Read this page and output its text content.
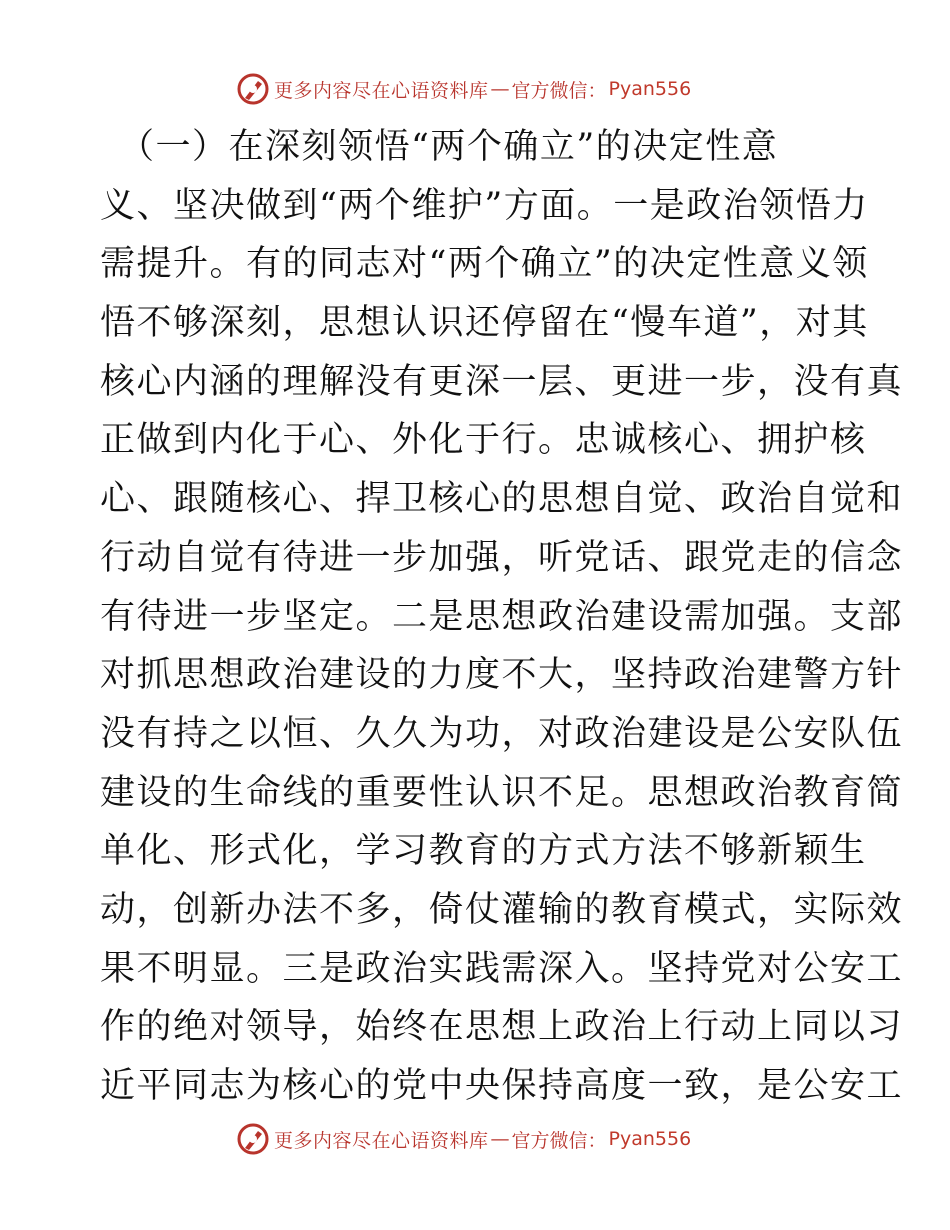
更多内容尽在心语资料库 — 官方微信： Pyan556
　（一）在深刻领悟“两个确立”的决定性意
义、坚决做到“两个维护”方面。一是政治领悟力
需提升。有的同志对“两个确立”的决定性意义领
悟不够深刻，思想认识还停留在“慢车道”，对其
核心内涵的理解没有更深一层、更进一步，没有真
正做到内化于心、外化于行。忠诚核心、拥护核
心、跟随核心、捍卫核心的思想自觉、政治自觉和
行动自觉有待进一步加强，听党话、跟党走的信念
有待进一步坚定。二是思想政治建设需加强。支部
对抓思想政治建设的力度不大，坚持政治建警方针
没有持之以恒、久久为功，对政治建设是公安队伍
建设的生命线的重要性认识不足。思想政治教育简
单化、形式化，学习教育的方式方法不够新颖生
动，创新办法不多，倚仗灌输的教育模式，实际效
果不明显。三是政治实践需深入。坚持党对公安工
作的绝对领导，始终在思想上政治上行动上同以习
近平同志为核心的党中央保持高度一致，是公安工
更多内容尽在心语资料库 — 官方微信： Pyan556
